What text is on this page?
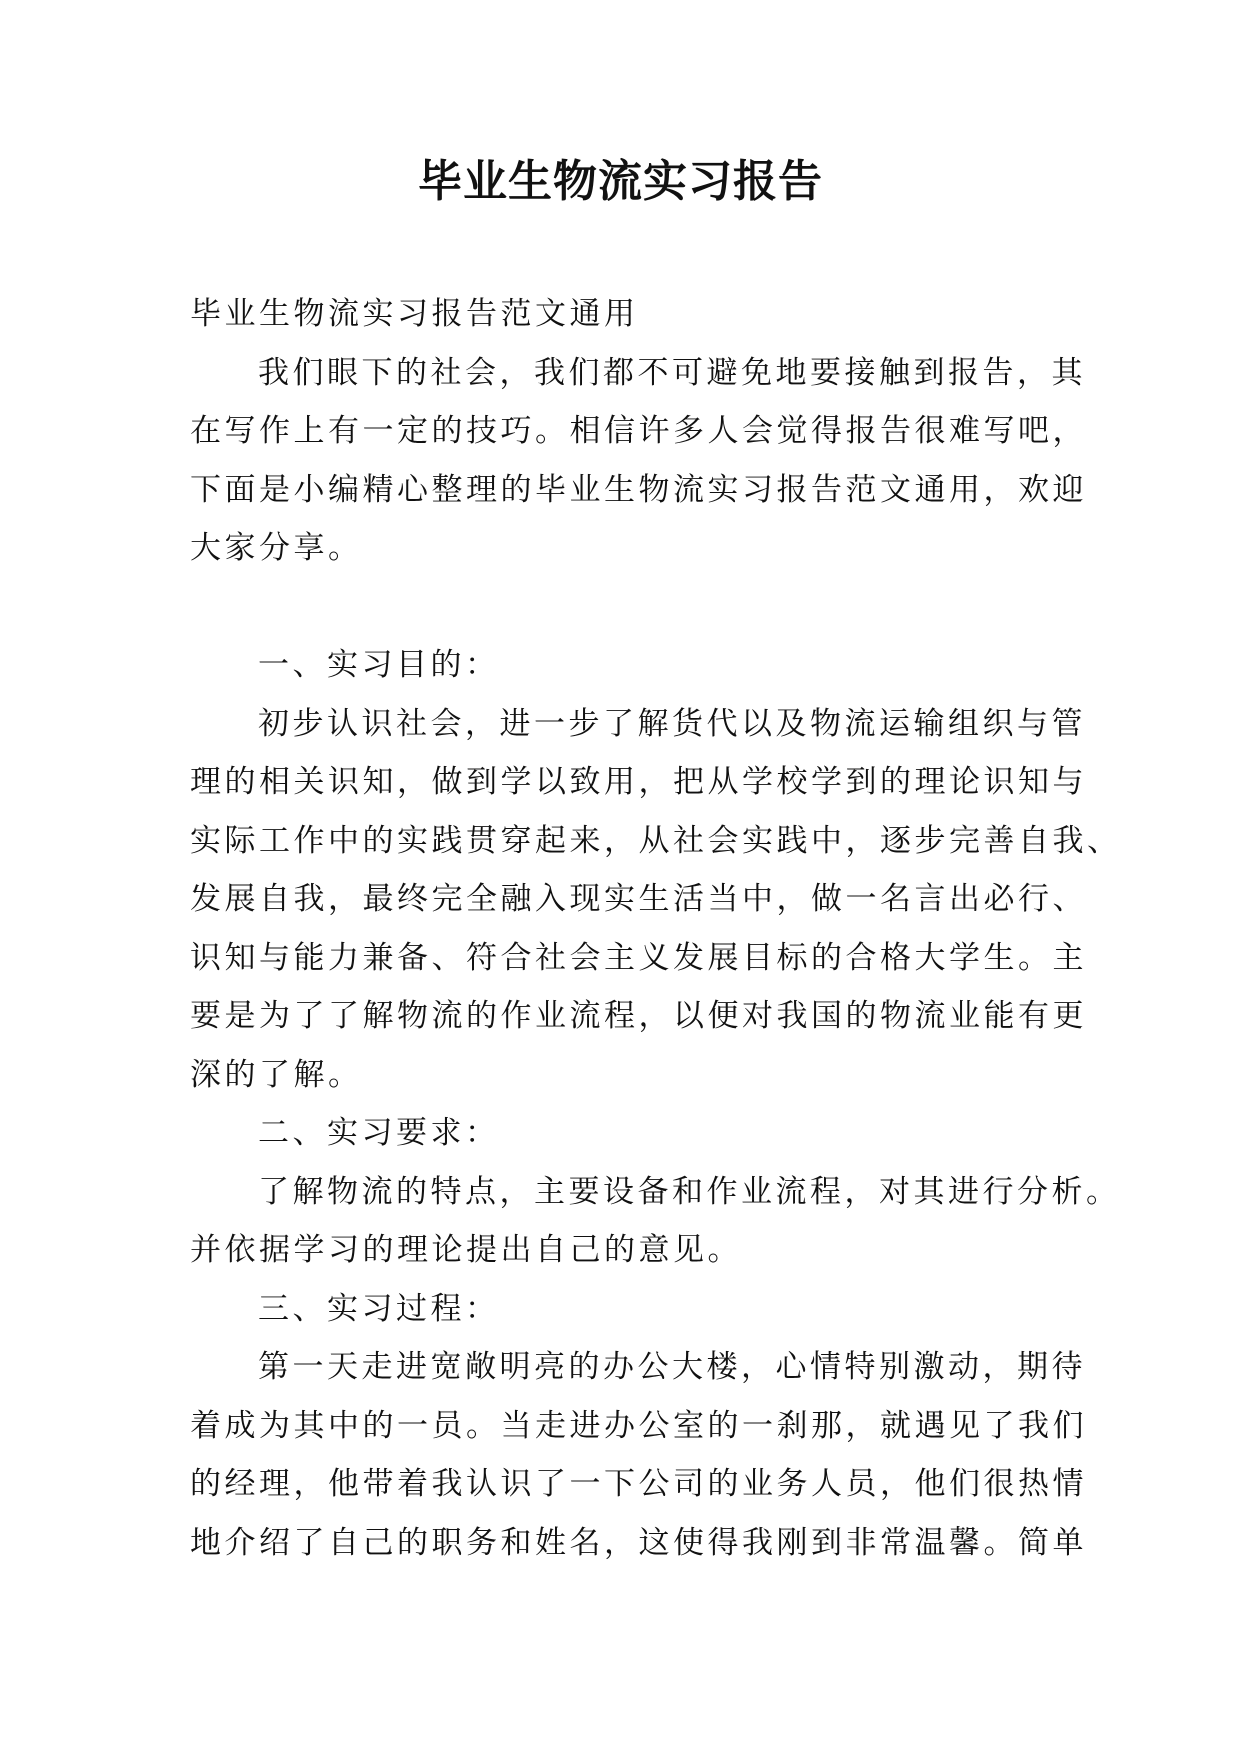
毕业生物流实习报告
毕业生物流实习报告范文通用
我们眼下的社会，我们都不可避免地要接触到报告，其
在写作上有一定的技巧。相信许多人会觉得报告很难写吧，
下面是小编精心整理的毕业生物流实习报告范文通用，欢迎
大家分享。
一、实习目的：
初步认识社会，进一步了解货代以及物流运输组织与管
理的相关识知，做到学以致用，把从学校学到的理论识知与
实际工作中的实践贯穿起来，从社会实践中，逐步完善自我、
发展自我，最终完全融入现实生活当中，做一名言出必行、
识知与能力兼备、符合社会主义发展目标的合格大学生。主
要是为了了解物流的作业流程，以便对我国的物流业能有更
深的了解。
二、实习要求：
了解物流的特点，主要设备和作业流程，对其进行分析。
并依据学习的理论提出自己的意见。
三、实习过程：
第一天走进宽敞明亮的办公大楼，心情特别激动，期待
着成为其中的一员。当走进办公室的一刹那，就遇见了我们
的经理，他带着我认识了一下公司的业务人员，他们很热情
地介绍了自己的职务和姓名，这使得我刚到非常温馨。简单
